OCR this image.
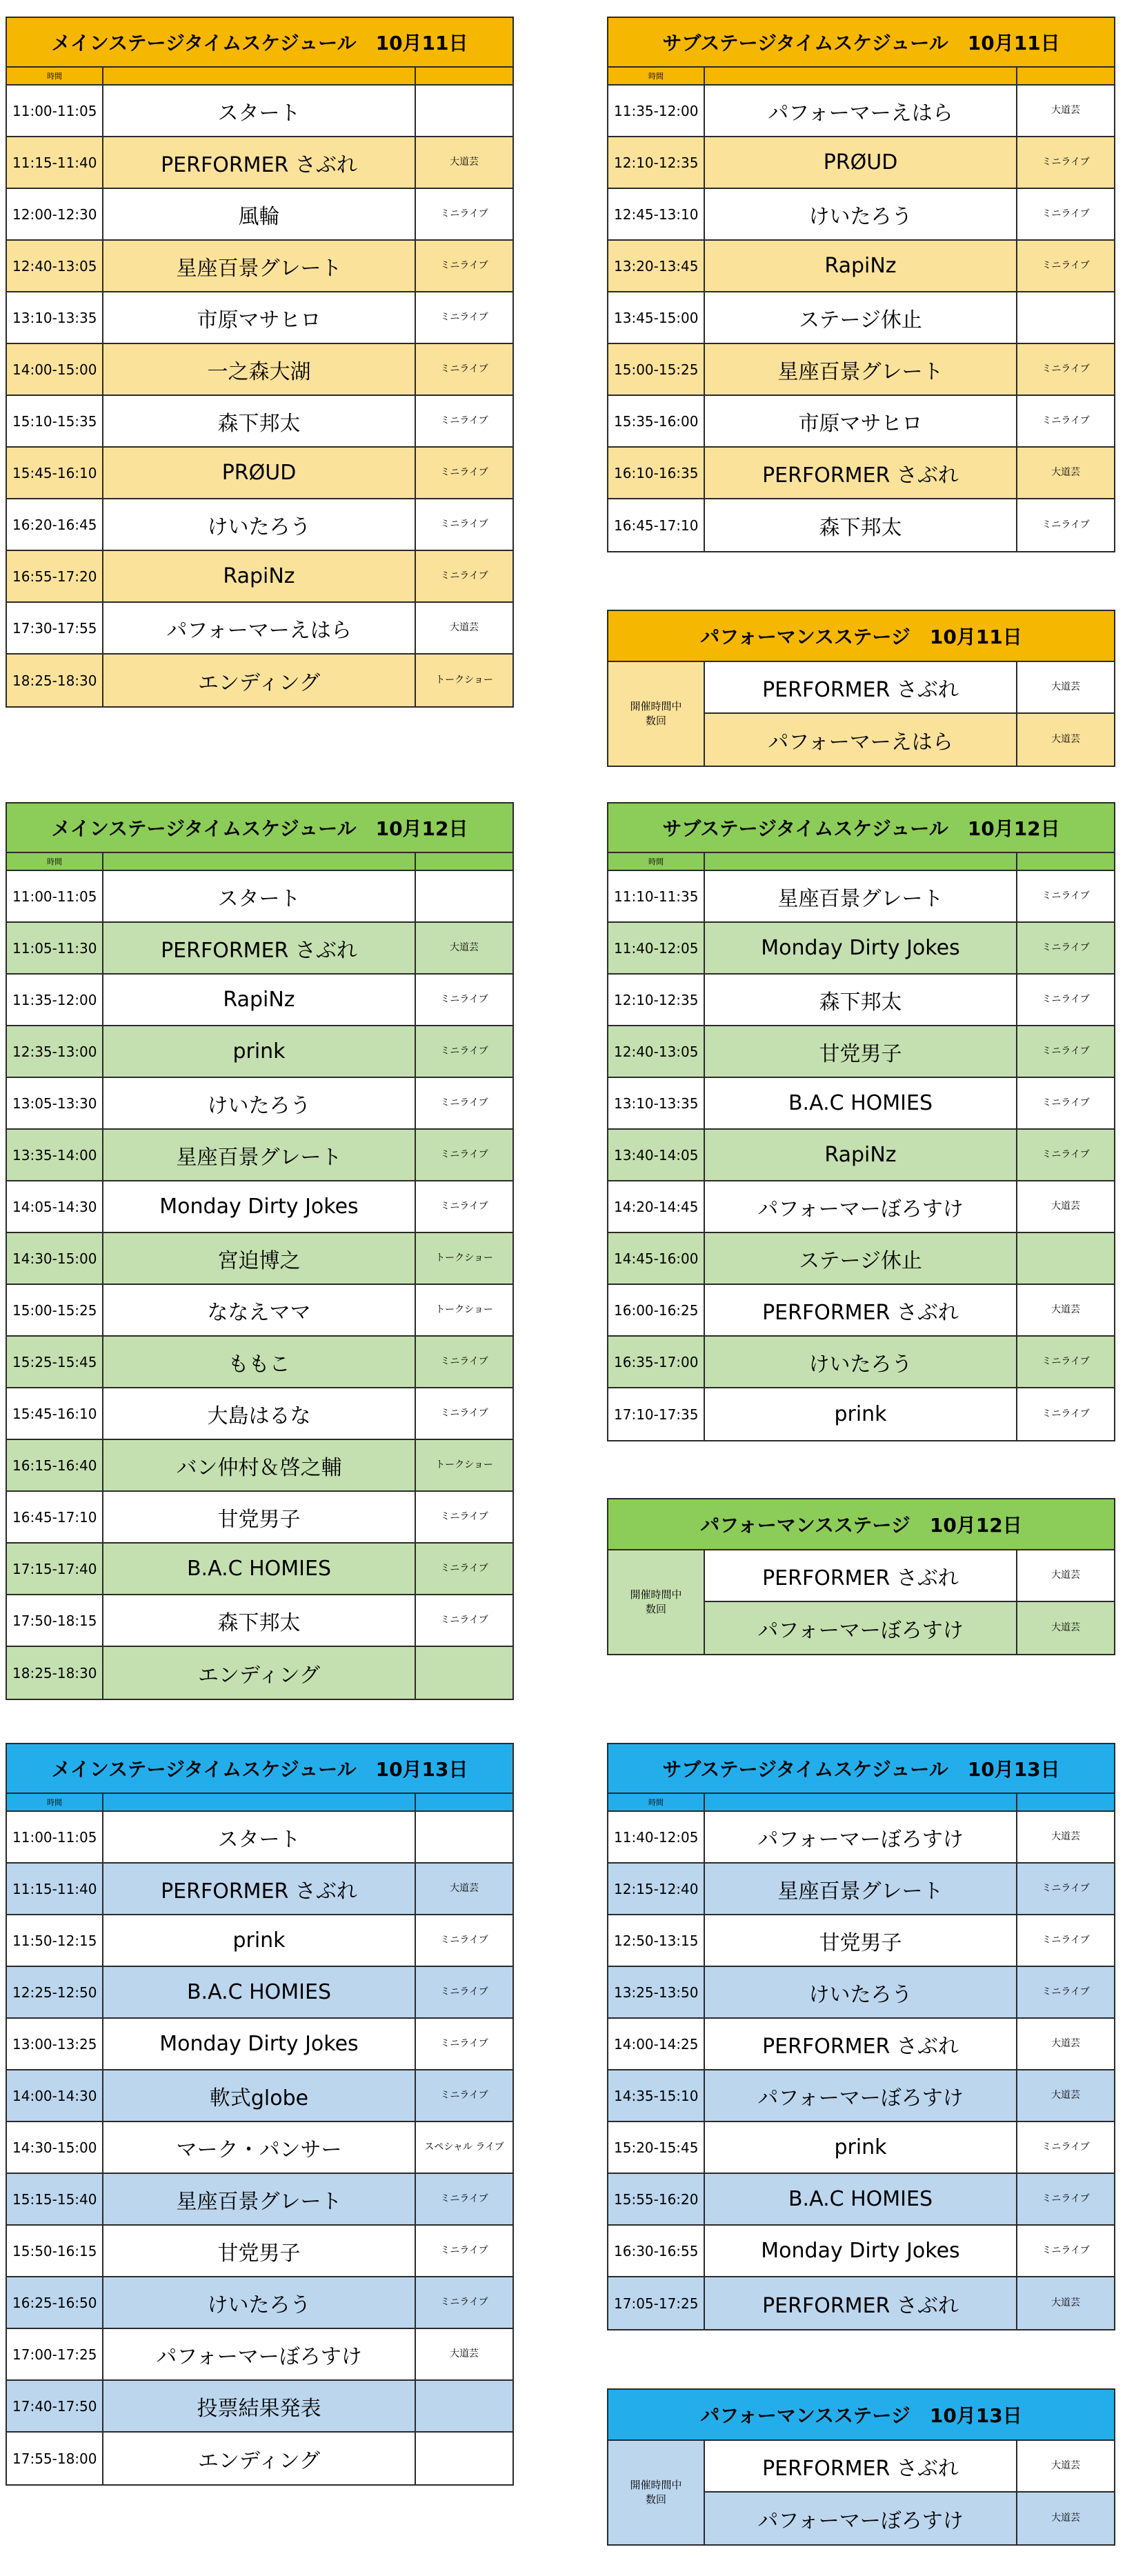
メインステージタイムスケジュール　10月11日
時間
11:00-11:05	スタート
11:15-11:40	PERFORMER さぶれ	大道芸
12:00-12:30	風輪	ミニライブ
12:40-13:05	星座百景グレート	ミニライブ
13:10-13:35	市原マサヒロ	ミニライブ
14:00-15:00	一之森大湖	ミニライブ
15:10-15:35	森下邦太	ミニライブ
15:45-16:10	PRØUD	ミニライブ
16:20-16:45	けいたろう	ミニライブ
16:55-17:20	RapiNz	ミニライブ
17:30-17:55	パフォーマーえはら	大道芸
18:25-18:30	エンディング	トークショー
サブステージタイムスケジュール　10月11日
時間
11:35-12:00	パフォーマーえはら	大道芸
12:10-12:35	PRØUD	ミニライブ
12:45-13:10	けいたろう	ミニライブ
13:20-13:45	RapiNz	ミニライブ
13:45-15:00	ステージ休止
15:00-15:25	星座百景グレート	ミニライブ
15:35-16:00	市原マサヒロ	ミニライブ
16:10-16:35	PERFORMER さぶれ	大道芸
16:45-17:10	森下邦太	ミニライブ
パフォーマンスステージ　10月11日
開催時間中
数回
PERFORMER さぶれ	大道芸
パフォーマーえはら	大道芸
メインステージタイムスケジュール　10月12日
時間
11:00-11:05	スタート
11:05-11:30	PERFORMER さぶれ	大道芸
11:35-12:00	RapiNz	ミニライブ
12:35-13:00	prink	ミニライブ
13:05-13:30	けいたろう	ミニライブ
13:35-14:00	星座百景グレート	ミニライブ
14:05-14:30	Monday Dirty Jokes	ミニライブ
14:30-15:00	宮迫博之	トークショー
15:00-15:25	ななえママ	トークショー
15:25-15:45	ももこ	ミニライブ
15:45-16:10	大島はるな	ミニライブ
16:15-16:40	バン仲村＆啓之輔	トークショー
16:45-17:10	甘党男子	ミニライブ
17:15-17:40	B.A.C HOMIES	ミニライブ
17:50-18:15	森下邦太	ミニライブ
18:25-18:30	エンディング
サブステージタイムスケジュール　10月12日
時間
11:10-11:35	星座百景グレート	ミニライブ
11:40-12:05	Monday Dirty Jokes	ミニライブ
12:10-12:35	森下邦太	ミニライブ
12:40-13:05	甘党男子	ミニライブ
13:10-13:35	B.A.C HOMIES	ミニライブ
13:40-14:05	RapiNz	ミニライブ
14:20-14:45	パフォーマーぼろすけ	大道芸
14:45-16:00	ステージ休止
16:00-16:25	PERFORMER さぶれ	大道芸
16:35-17:00	けいたろう	ミニライブ
17:10-17:35	prink	ミニライブ
パフォーマンスステージ　10月12日
開催時間中
数回
PERFORMER さぶれ	大道芸
パフォーマーぼろすけ	大道芸
メインステージタイムスケジュール　10月13日
時間
11:00-11:05	スタート
11:15-11:40	PERFORMER さぶれ	大道芸
11:50-12:15	prink	ミニライブ
12:25-12:50	B.A.C HOMIES	ミニライブ
13:00-13:25	Monday Dirty Jokes	ミニライブ
14:00-14:30	軟式globe	ミニライブ
14:30-15:00	マーク・パンサー	スペシャル ライブ
15:15-15:40	星座百景グレート	ミニライブ
15:50-16:15	甘党男子	ミニライブ
16:25-16:50	けいたろう	ミニライブ
17:00-17:25	パフォーマーぼろすけ	大道芸
17:40-17:50	投票結果発表
17:55-18:00	エンディング
サブステージタイムスケジュール　10月13日
時間
11:40-12:05	パフォーマーぼろすけ	大道芸
12:15-12:40	星座百景グレート	ミニライブ
12:50-13:15	甘党男子	ミニライブ
13:25-13:50	けいたろう	ミニライブ
14:00-14:25	PERFORMER さぶれ	大道芸
14:35-15:10	パフォーマーぼろすけ	大道芸
15:20-15:45	prink	ミニライブ
15:55-16:20	B.A.C HOMIES	ミニライブ
16:30-16:55	Monday Dirty Jokes	ミニライブ
17:05-17:25	PERFORMER さぶれ	大道芸
パフォーマンスステージ　10月13日
開催時間中
数回
PERFORMER さぶれ	大道芸
パフォーマーぼろすけ	大道芸
